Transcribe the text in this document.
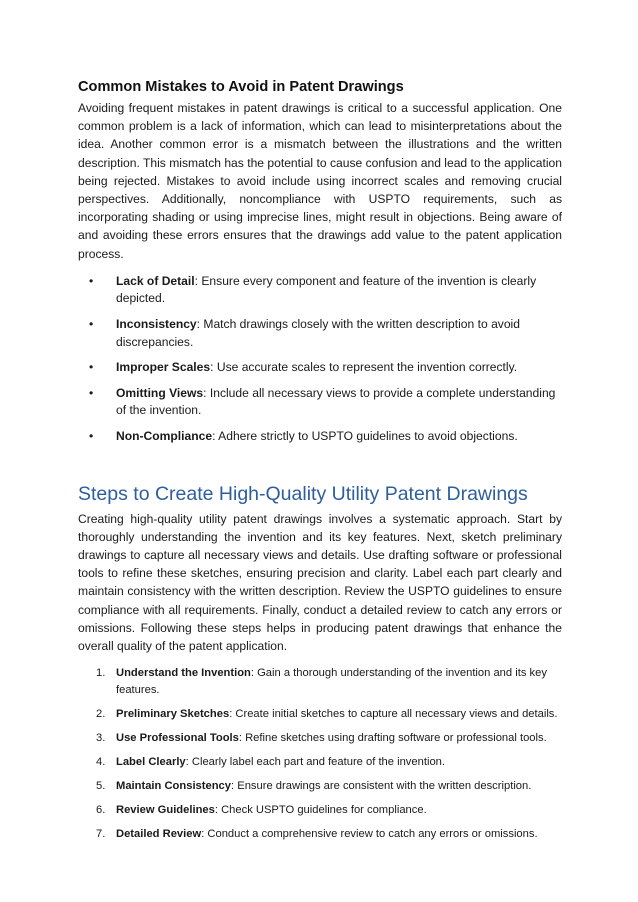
Common Mistakes to Avoid in Patent Drawings

Avoiding frequent mistakes in patent drawings is critical to a successful application. One common problem is a lack of information, which can lead to misinterpretations about the idea. Another common error is a mismatch between the illustrations and the written description. This mismatch has the potential to cause confusion and lead to the application being rejected. Mistakes to avoid include using incorrect scales and removing crucial perspectives. Additionally, noncompliance with USPTO requirements, such as incorporating shading or using imprecise lines, might result in objections. Being aware of and avoiding these errors ensures that the drawings add value to the patent application process.

• Lack of Detail: Ensure every component and feature of the invention is clearly depicted.
• Inconsistency: Match drawings closely with the written description to avoid discrepancies.
• Improper Scales: Use accurate scales to represent the invention correctly.
• Omitting Views: Include all necessary views to provide a complete understanding of the invention.
• Non-Compliance: Adhere strictly to USPTO guidelines to avoid objections.
Steps to Create High-Quality Utility Patent Drawings

Creating high-quality utility patent drawings involves a systematic approach. Start by thoroughly understanding the invention and its key features. Next, sketch preliminary drawings to capture all necessary views and details. Use drafting software or professional tools to refine these sketches, ensuring precision and clarity. Label each part clearly and maintain consistency with the written description. Review the USPTO guidelines to ensure compliance with all requirements. Finally, conduct a detailed review to catch any errors or omissions. Following these steps helps in producing patent drawings that enhance the overall quality of the patent application.

1. Understand the Invention: Gain a thorough understanding of the invention and its key features.
2. Preliminary Sketches: Create initial sketches to capture all necessary views and details.
3. Use Professional Tools: Refine sketches using drafting software or professional tools.
4. Label Clearly: Clearly label each part and feature of the invention.
5. Maintain Consistency: Ensure drawings are consistent with the written description.
6. Review Guidelines: Check USPTO guidelines for compliance.
7. Detailed Review: Conduct a comprehensive review to catch any errors or omissions.
